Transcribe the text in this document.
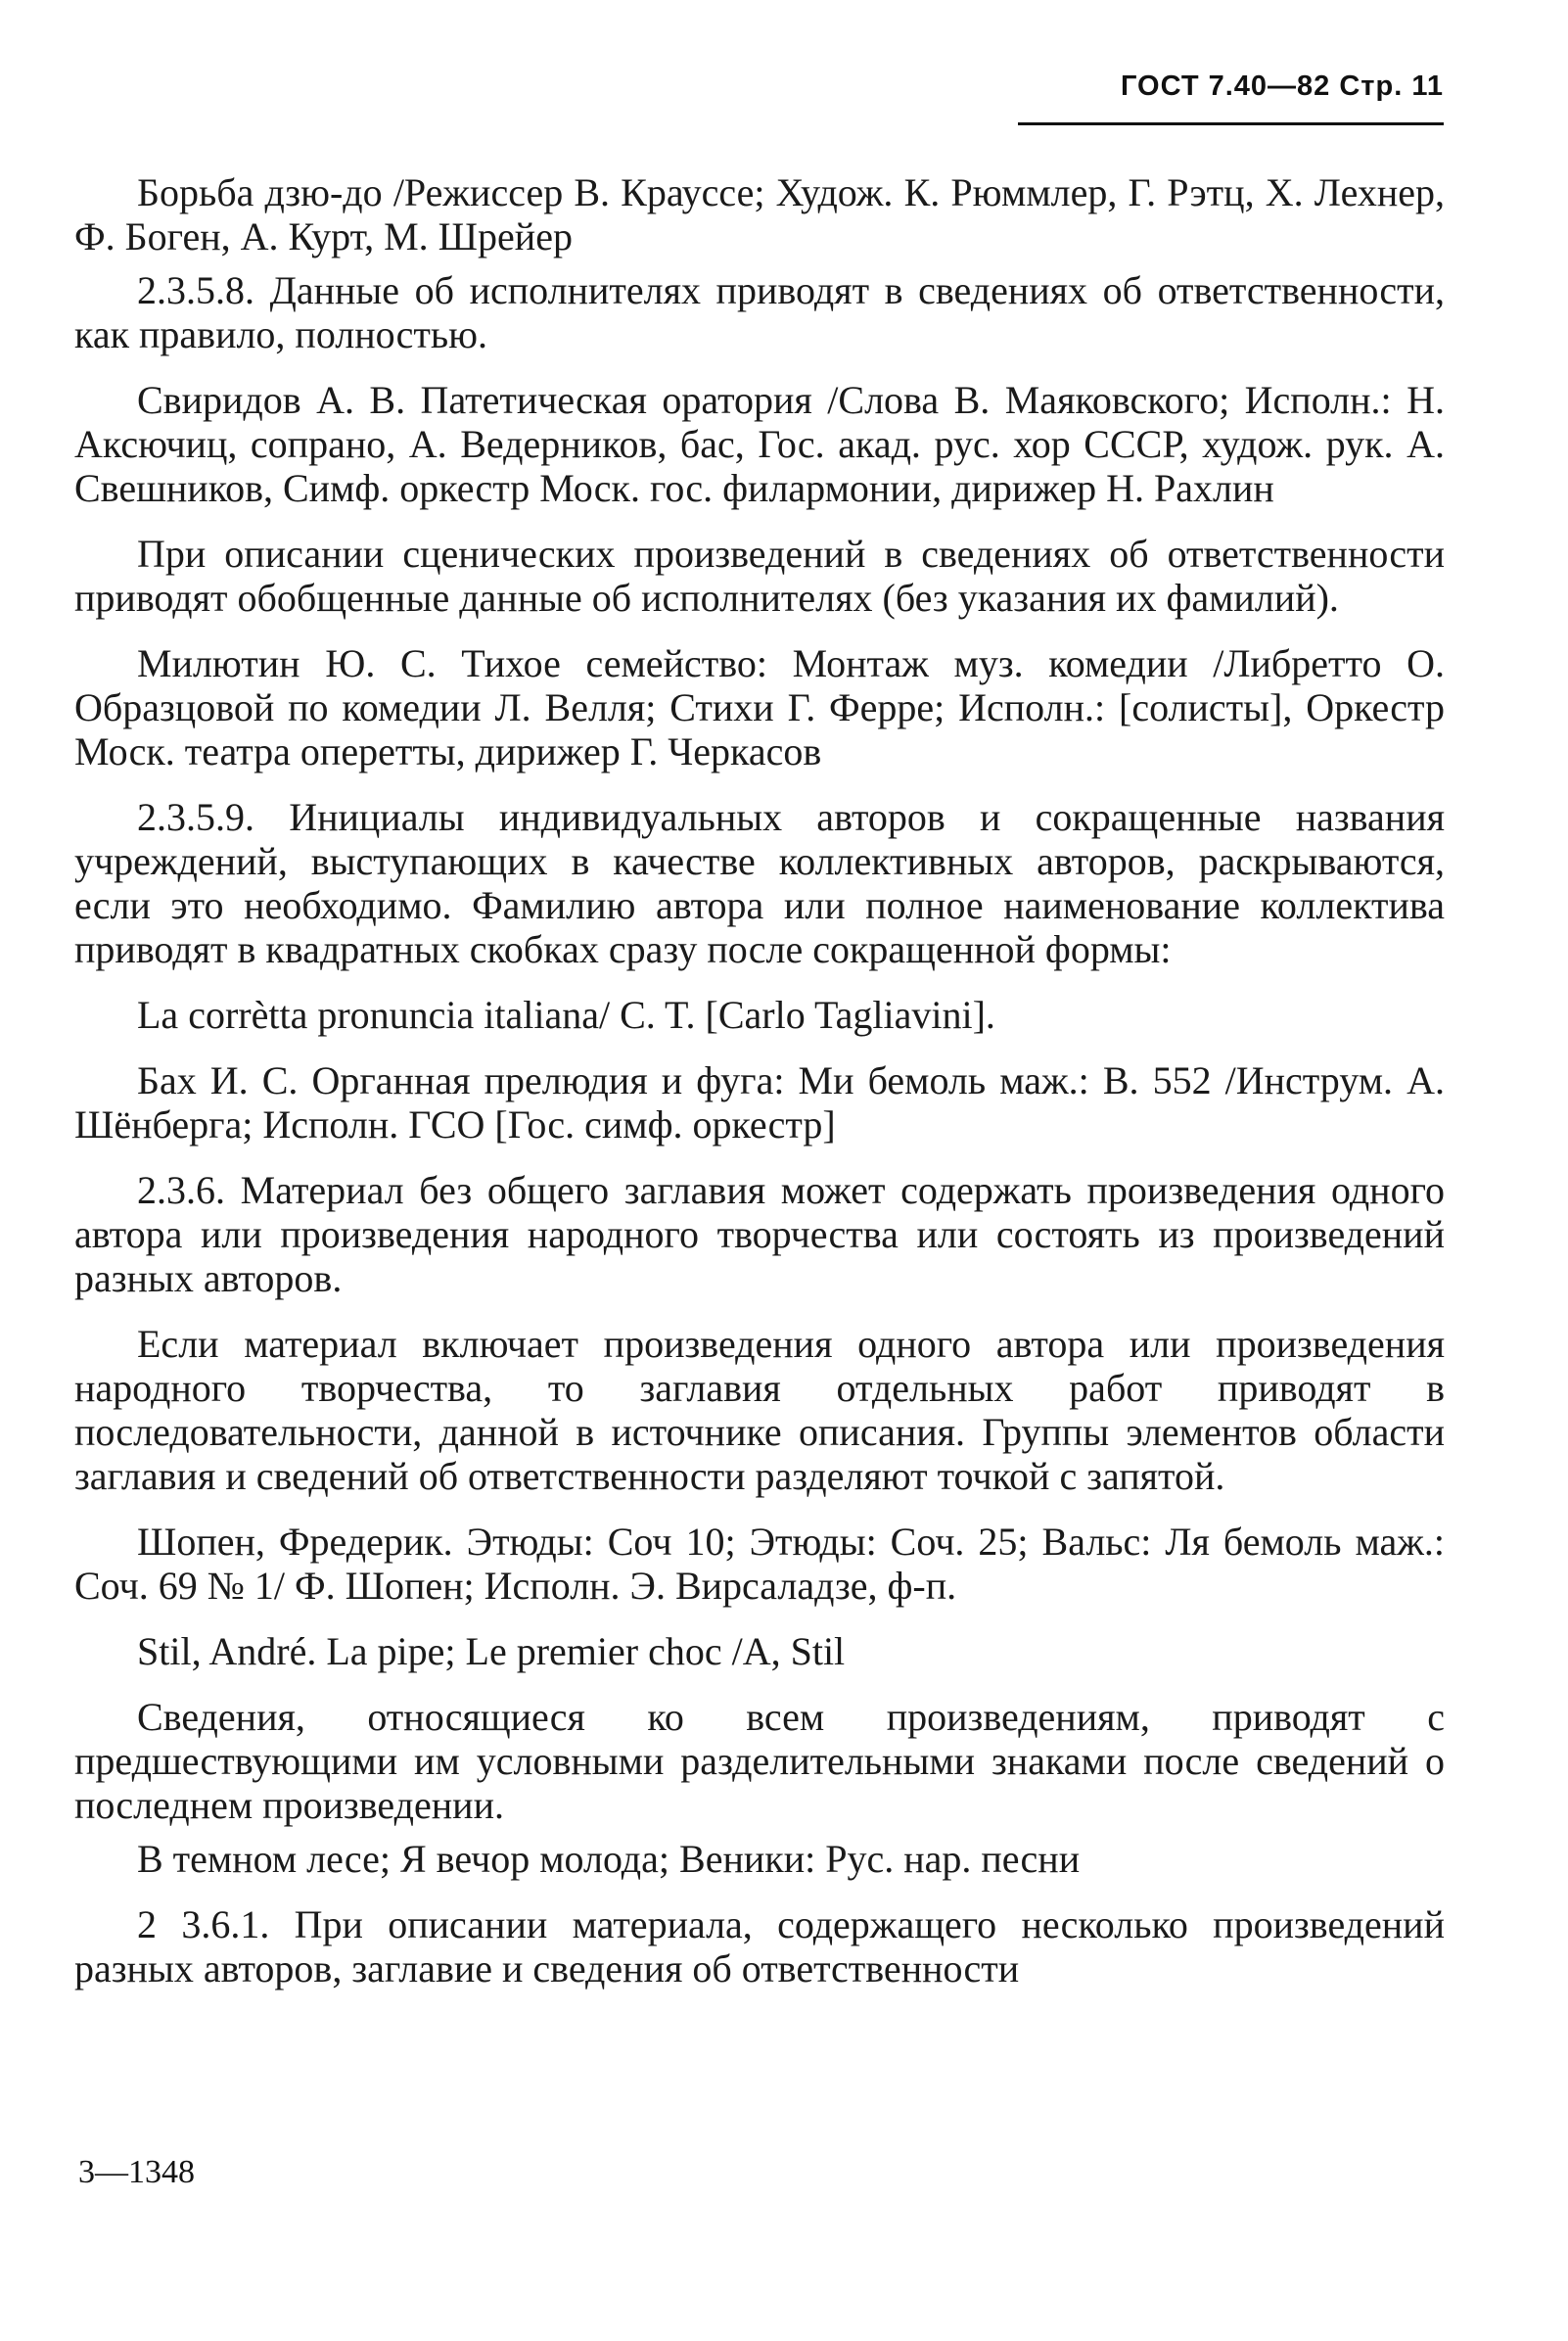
ГОСТ 7.40—82 Стр. 11

Борьба дзю-до /Режиссер В. Крауссе; Худож. К. Рюммлер, Г. Рэтц, Х. Лехнер, Ф. Боген, А. Курт, М. Шрейер

2.3.5.8. Данные об исполнителях приводят в сведениях об ответственности, как правило, полностью.

Свиридов А. В. Патетическая оратория /Слова В. Маяковского; Исполн.: Н. Аксючиц, сопрано, А. Ведерников, бас, Гос. акад. рус. хор СССР, худож. рук. А. Свешников, Симф. оркестр Моск. гос. филармонии, дирижер Н. Рахлин

При описании сценических произведений в сведениях об ответственности приводят обобщенные данные об исполнителях (без указания их фамилий).

Милютин Ю. С. Тихое семейство: Монтаж муз. комедии /Либретто О. Образцовой по комедии Л. Велля; Стихи Г. Ферре; Исполн.: [солисты], Оркестр Моск. театра оперетты, дирижер Г. Черкасов

2.3.5.9. Инициалы индивидуальных авторов и сокращенные названия учреждений, выступающих в качестве коллективных авторов, раскрываются, если это необходимо. Фамилию автора или полное наименование коллектива приводят в квадратных скобках сразу после сокращенной формы:

La corrètta pronuncia italiana/ C. T. [Carlo Tagliavini].

Бах И. С. Органная прелюдия и фуга: Ми бемоль маж.: B. 552 /Инструм. А. Шёнберга; Исполн. ГСО [Гос. симф. оркестр]

2.3.6. Материал без общего заглавия может содержать произведения одного автора или произведения народного творчества или состоять из произведений разных авторов.

Если материал включает произведения одного автора или произведения народного творчества, то заглавия отдельных работ приводят в последовательности, данной в источнике описания. Группы элементов области заглавия и сведений об ответственности разделяют точкой с запятой.

Шопен, Фредерик. Этюды: Соч 10; Этюды: Соч. 25; Вальс: Ля бемоль маж.: Соч. 69 № 1/ Ф. Шопен; Исполн. Э. Вирсаладзе, ф-п.

Stil, André. La pipe; Le premier choc /A, Stil

Сведения, относящиеся ко всем произведениям, приводят с предшествующими им условными разделительными знаками после сведений о последнем произведении.

В темном лесе; Я вечор молода; Веники: Рус. нар. песни

2 3.6.1. При описании материала, содержащего несколько произведений разных авторов, заглавие и сведения об ответственности

3—1348
